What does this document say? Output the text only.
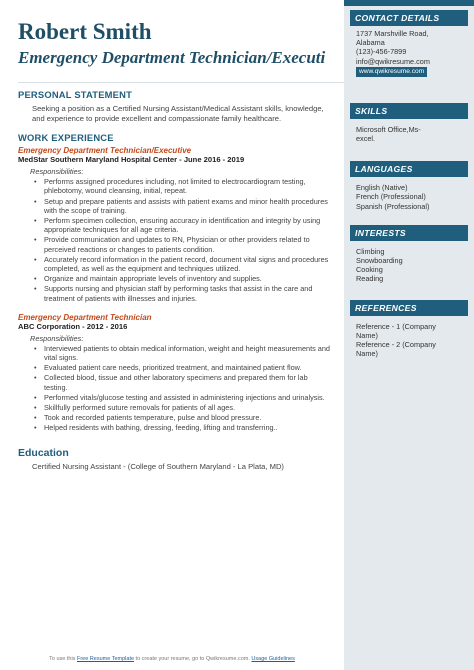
Robert Smith
Emergency Department Technician/Executi
PERSONAL STATEMENT
Seeking a position as a Certified Nursing Assistant/Medical Assistant skills, knowledge, and experience to provide excellent and compassionate family healthcare.
WORK EXPERIENCE
Emergency Department Technician/Executive
MedStar Southern Maryland Hospital Center - June 2016 - 2019
Responsibilities:
• Performs assigned procedures including, not limited to electrocardiogram testing, phlebotomy, wound cleansing, initial, repeat.
• Setup and prepare patients and assists with patient exams and minor health procedures with the scope of training.
• Perform specimen collection, ensuring accuracy in identification and integrity by using appropriate techniques for all age criteria.
• Provide communication and updates to RN, Physician or other providers related to perceived reactions or changes to patients condition.
• Accurately record information in the patient record, document vital signs and procedures completed, as well as the equipment and techniques utilized.
• Organize and maintain appropriate levels of inventory and supplies.
• Supports nursing and physician staff by performing tasks that assist in the care and treatment of patients with illnesses and injuries.
Emergency Department Technician
ABC Corporation - 2012 - 2016
Responsibilities:
• Interviewed patients to obtain medical information, weight and height measurements and vital signs.
• Evaluated patient care needs, prioritized treatment, and maintained patient flow.
• Collected blood, tissue and other laboratory specimens and prepared them for lab testing.
• Performed vitals/glucose testing and assisted in administering injections and urinalysis.
• Skillfully performed suture removals for patients of all ages.
• Took and recorded patients temperature, pulse and blood pressure.
• Helped residents with bathing, dressing, feeding, lifting and transferring..
Education
Certified Nursing Assistant - (College of Southern Maryland - La Plata, MD)
To use this Free Resume Template to create your resume, go to Qwikresume.com. Usage Guidelines
CONTACT DETAILS
1737 Marshville Road,
Alabama
(123)-456-7899
info@qwikresume.com
www.qwikresume.com
SKILLS
Microsoft Office,Ms-
excel.
LANGUAGES
English (Native)
French (Professional)
Spanish (Professional)
INTERESTS
Climbing
Snowboarding
Cooking
Reading
REFERENCES
Reference - 1 (Company
Name)
Reference - 2 (Company
Name)
